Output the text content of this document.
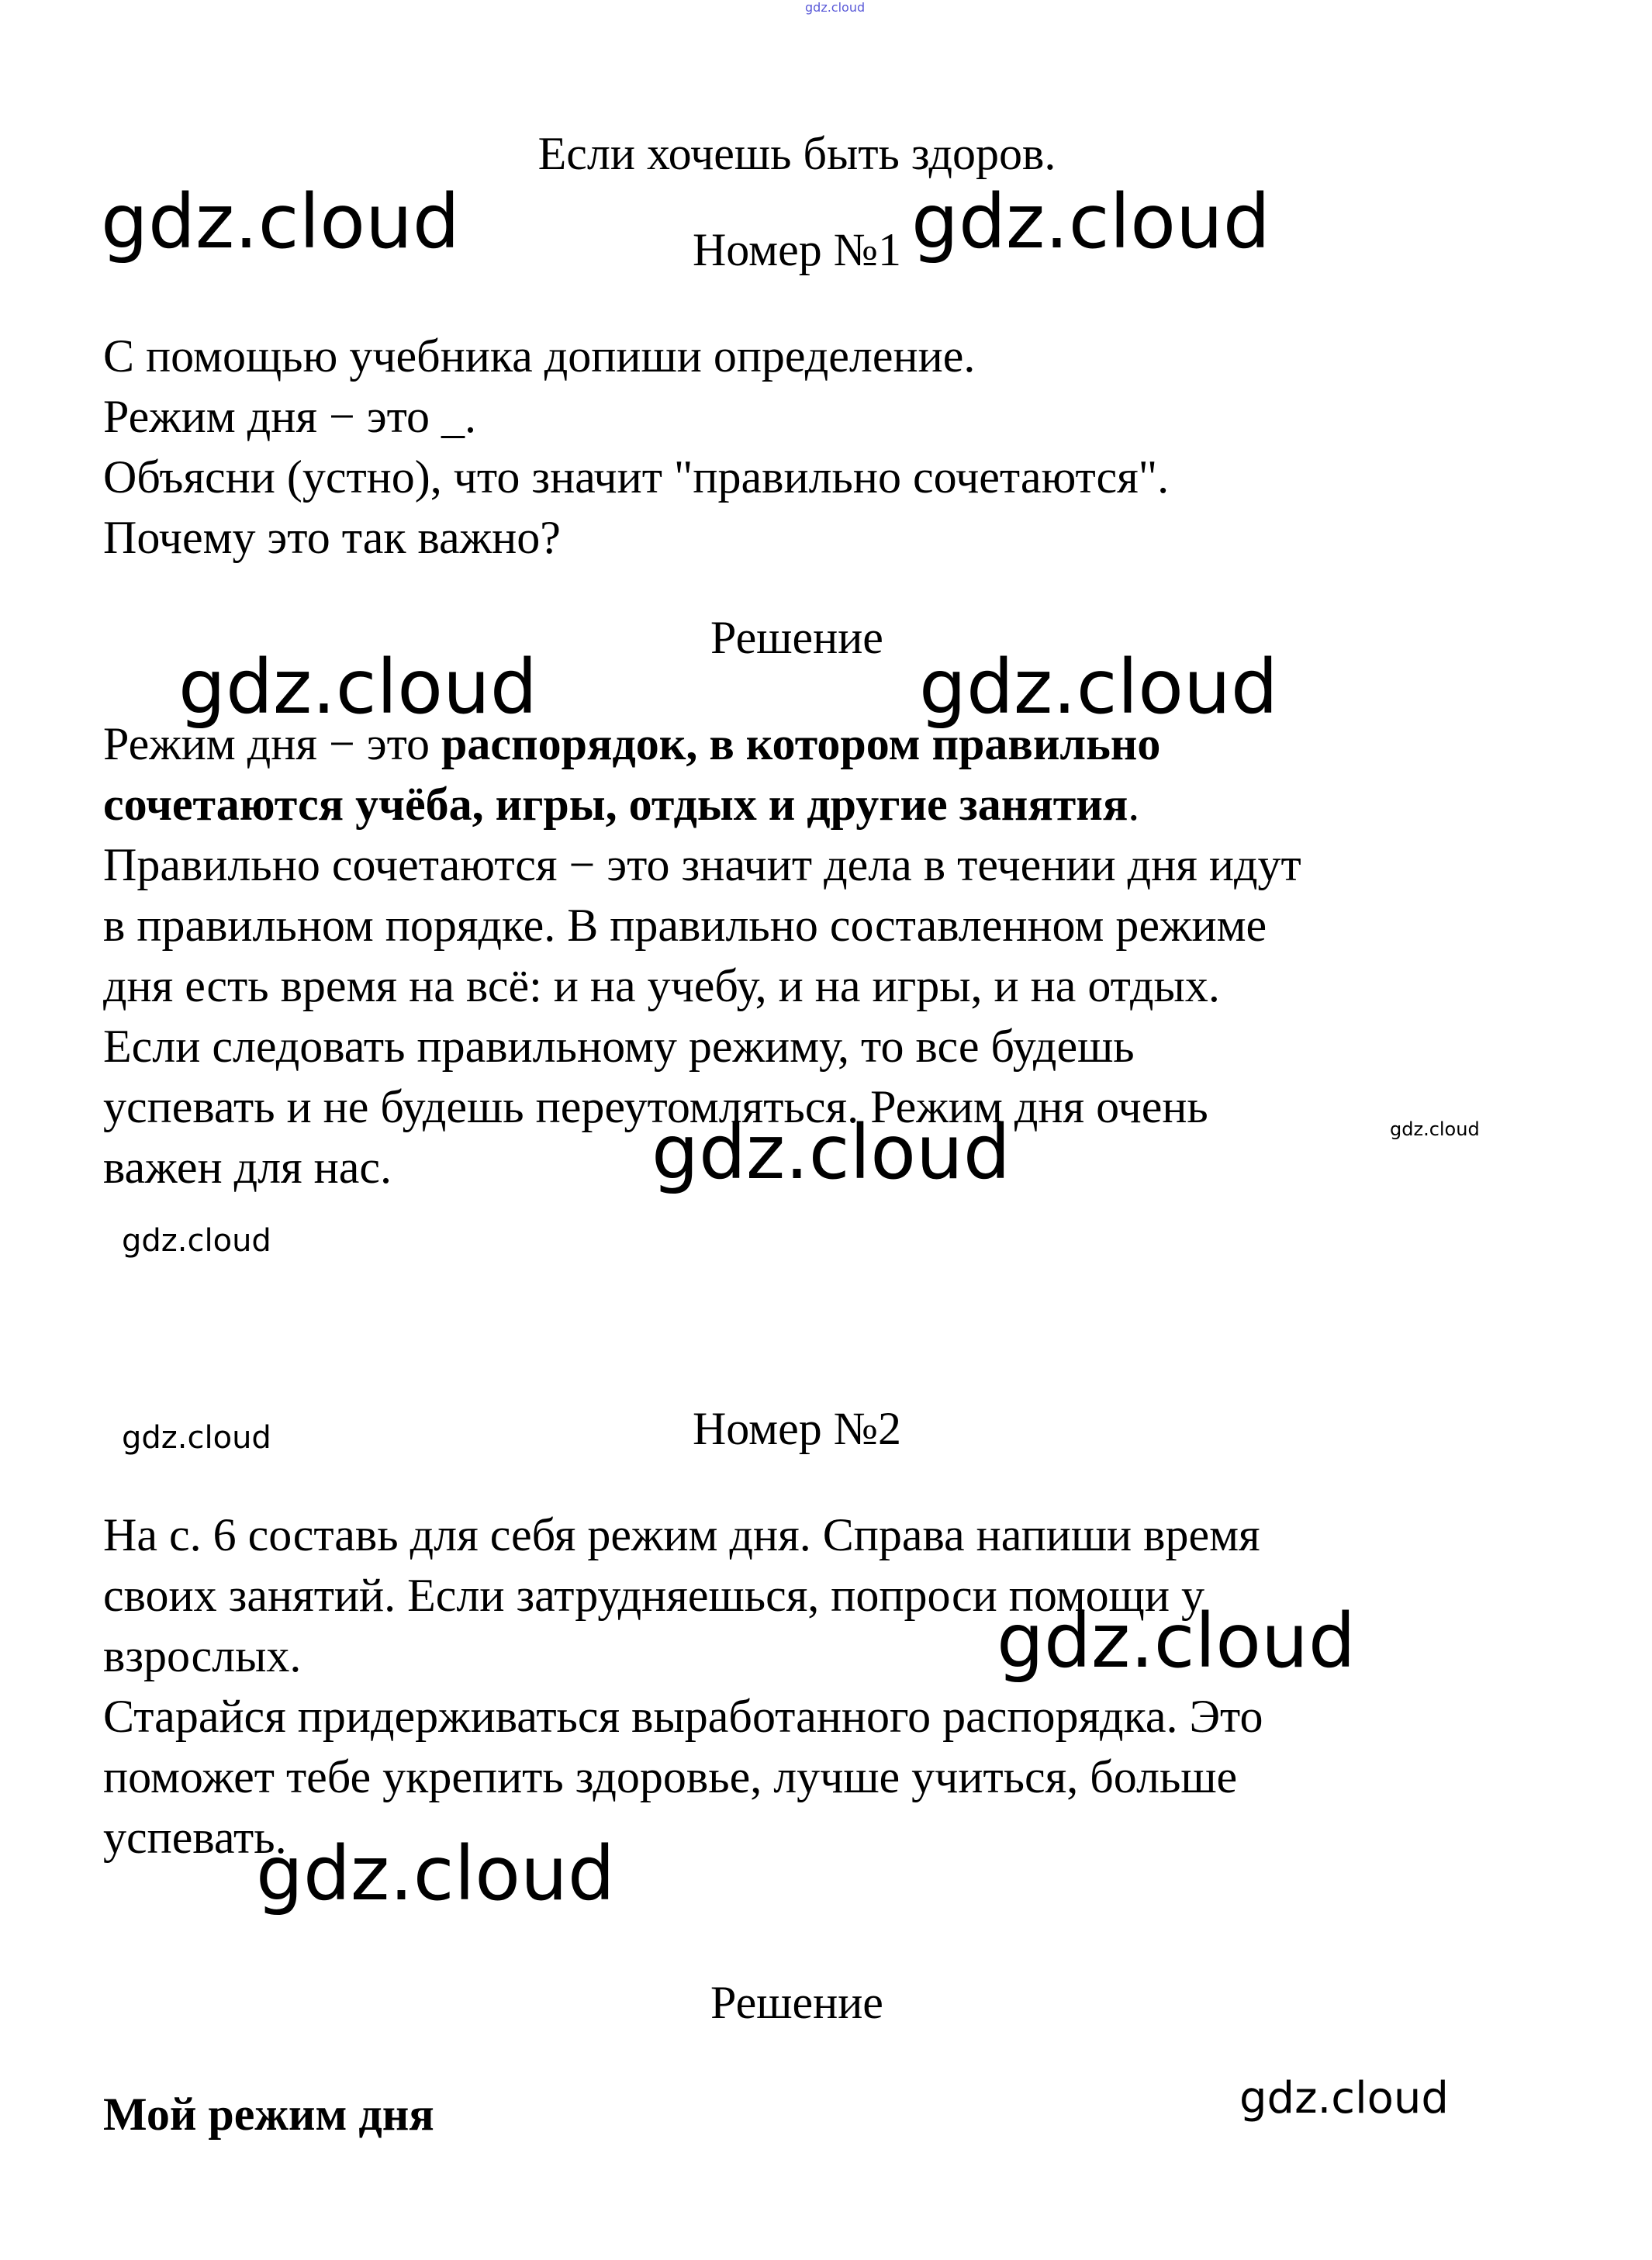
Если хочешь быть здоров.
Номер №1
С помощью учебника допиши определение.
Режим дня − это _.
Объясни (устно), что значит "правильно сочетаются".
Почему это так важно?
Решение
Режим дня − это распорядок, в котором правильно
сочетаются учёба, игры, отдых и другие занятия.
Правильно сочетаются − это значит дела в течении дня идут
в правильном порядке. В правильно составленном режиме
дня есть время на всё: и на учебу, и на игры, и на отдых.
Если следовать правильному режиму, то все будешь
успевать и не будешь переутомляться. Режим дня очень
важен для нас.
Номер №2
На с. 6 составь для себя режим дня. Справа напиши время
своих занятий. Если затрудняешься, попроси помощи у
взрослых.
Старайся придерживаться выработанного распорядка. Это
поможет тебе укрепить здоровье, лучше учиться, больше
успевать.
Решение
Мой режим дня
gdz.cloud
gdz.cloud	gdz.cloud
gdz.cloud	gdz.cloud
gdz.cloud	gdz.cloud
gdz.cloud
gdz.cloud
gdz.cloud
gdz.cloud
gdz.cloud
